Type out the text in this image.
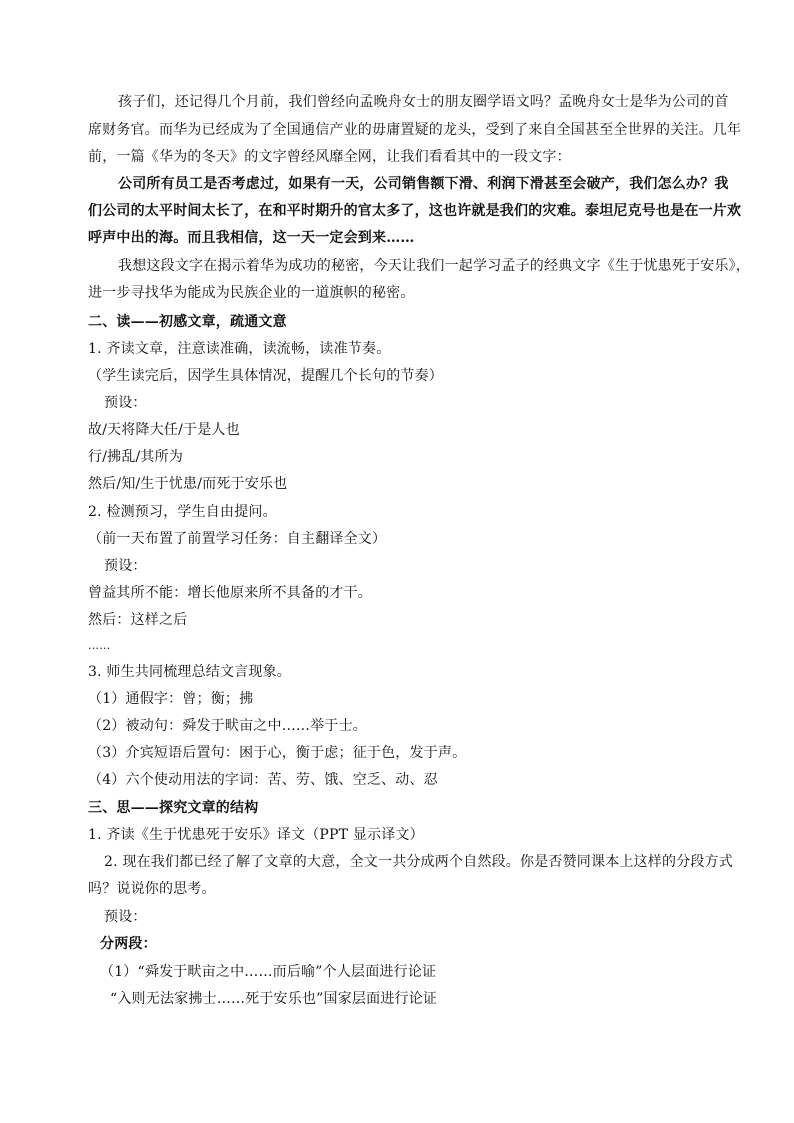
孩子们，还记得几个月前，我们曾经向孟晚舟女士的朋友圈学语文吗？孟晚舟女士是华为公司的首
席财务官。而华为已经成为了全国通信产业的毋庸置疑的龙头，受到了来自全国甚至全世界的关注。几年
前，一篇《华为的冬天》的文字曾经风靡全网，让我们看看其中的一段文字：
公司所有员工是否考虑过，如果有一天，公司销售额下滑、利润下滑甚至会破产，我们怎么办？我
们公司的太平时间太长了，在和平时期升的官太多了，这也许就是我们的灾难。泰坦尼克号也是在一片欢
呼声中出的海。而且我相信，这一天一定会到来……
我想这段文字在揭示着华为成功的秘密，今天让我们一起学习孟子的经典文字《生于忧患死于安乐》，
进一步寻找华为能成为民族企业的一道旗帜的秘密。
二、读——初感文章，疏通文意
1. 齐读文章，注意读准确，读流畅，读准节奏。
（学生读完后，因学生具体情况，提醒几个长句的节奏）
预设：
故/天将降大任/于是人也
行/拂乱/其所为
然后/知/生于忧患/而死于安乐也
2. 检测预习，学生自由提问。
（前一天布置了前置学习任务：自主翻译全文）
预设：
曾益其所不能：增长他原来所不具备的才干。
然后：这样之后
……
3. 师生共同梳理总结文言现象。
（1）通假字：曾；衡；拂
（2）被动句：舜发于畎亩之中……举于士。
（3）介宾短语后置句：困于心，衡于虑；征于色，发于声。
（4）六个使动用法的字词：苦、劳、饿、空乏、动、忍
三、思——探究文章的结构
1. 齐读《生于忧患死于安乐》译文（PPT 显示译文）
2. 现在我们都已经了解了文章的大意，全文一共分成两个自然段。你是否赞同课本上这样的分段方式
吗？说说你的思考。
预设：
分两段：
（1）“舜发于畎亩之中……而后喻”个人层面进行论证
“入则无法家拂士……死于安乐也”国家层面进行论证
